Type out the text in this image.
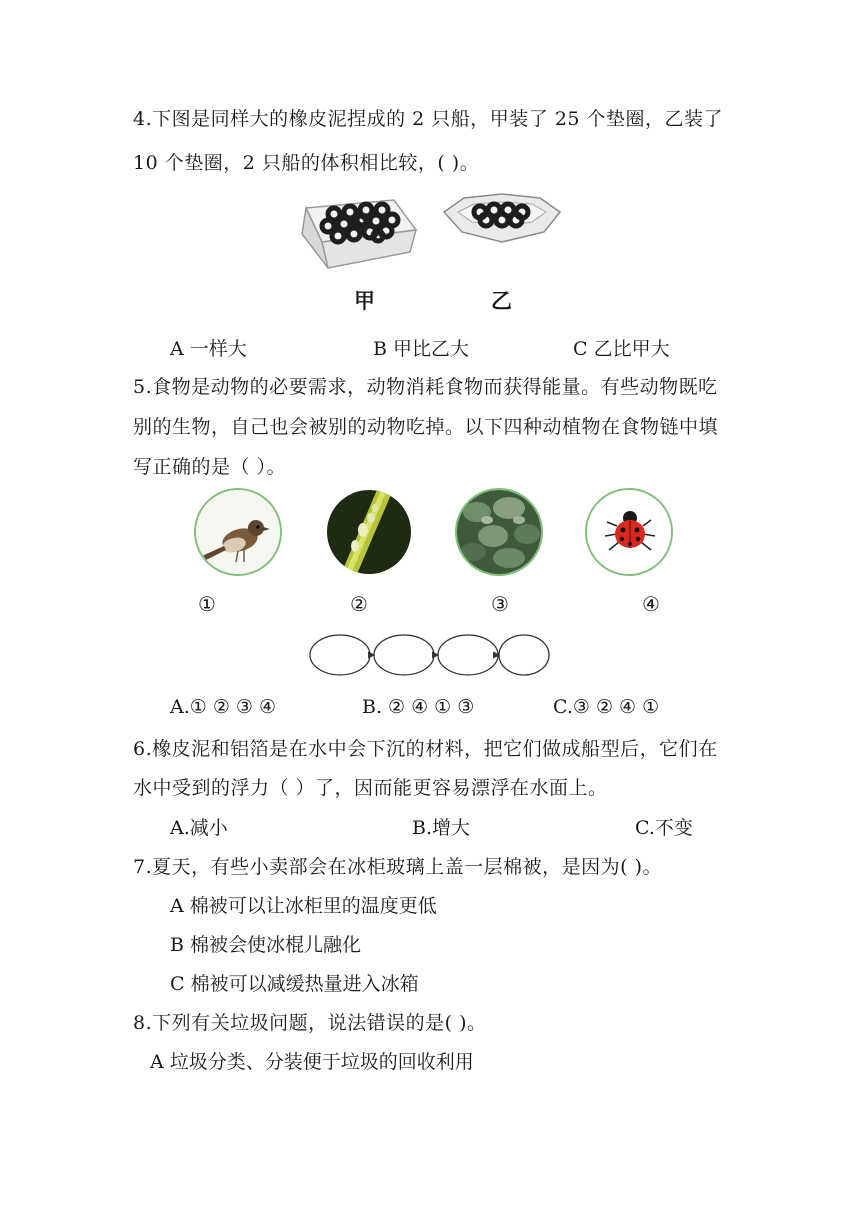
4.下图是同样大的橡皮泥捏成的 2 只船，甲装了 25 个垫圈，乙装了
10 个垫圈，2 只船的体积相比较，( )。
甲	乙
A 一样大	B 甲比乙大	C 乙比甲大
5.食物是动物的必要需求，动物消耗食物而获得能量。有些动物既吃
别的生物，自己也会被别的动物吃掉。以下四种动植物在食物链中填
写正确的是（ ）。
①	②	③	④
A.① ② ③ ④	B. ② ④ ① ③	C.③ ② ④ ①
6.橡皮泥和铝箔是在水中会下沉的材料，把它们做成船型后，它们在
水中受到的浮力（ ）了，因而能更容易漂浮在水面上。
A.减小	B.增大	C.不变
7.夏天，有些小卖部会在冰柜玻璃上盖一层棉被，是因为( )。
A 棉被可以让冰柜里的温度更低
B 棉被会使冰棍儿融化
C 棉被可以减缓热量进入冰箱
8.下列有关垃圾问题，说法错误的是( )。
A 垃圾分类、分装便于垃圾的回收利用
